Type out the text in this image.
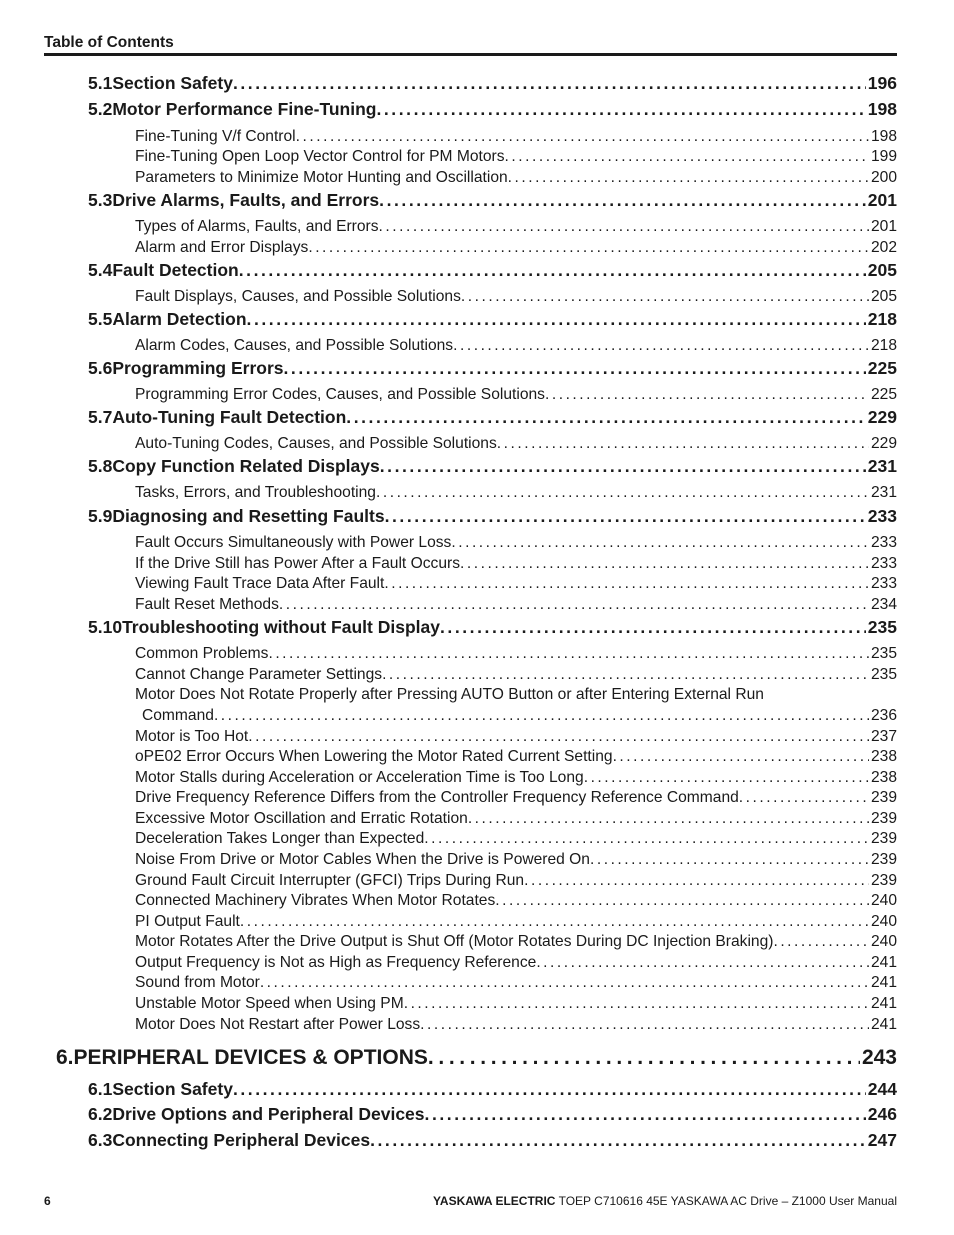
Table of Contents
5.1 Section Safety . . .	196
5.2 Motor Performance Fine-Tuning . . .	198
Fine-Tuning V/f Control . . .	198
Fine-Tuning Open Loop Vector Control for PM Motors . . .	199
Parameters to Minimize Motor Hunting and Oscillation . . .	200
5.3 Drive Alarms, Faults, and Errors . . .	201
Types of Alarms, Faults, and Errors . . .	201
Alarm and Error Displays . . .	202
5.4 Fault Detection . . .	205
Fault Displays, Causes, and Possible Solutions . . .	205
5.5 Alarm Detection . . .	218
Alarm Codes, Causes, and Possible Solutions . . .	218
5.6 Programming Errors . . .	225
Programming Error Codes, Causes, and Possible Solutions . . .	225
5.7 Auto-Tuning Fault Detection . . .	229
Auto-Tuning Codes, Causes, and Possible Solutions . . .	229
5.8 Copy Function Related Displays . . .	231
Tasks, Errors, and Troubleshooting . . .	231
5.9 Diagnosing and Resetting Faults . . .	233
Fault Occurs Simultaneously with Power Loss . . .	233
If the Drive Still has Power After a Fault Occurs . . .	233
Viewing Fault Trace Data After Fault . . .	233
Fault Reset Methods . . .	234
5.10 Troubleshooting without Fault Display . . .	235
Common Problems . . .	235
Cannot Change Parameter Settings . . .	235
Motor Does Not Rotate Properly after Pressing AUTO Button or after Entering External Run
Command . . .	236
Motor is Too Hot . . .	237
oPE02 Error Occurs When Lowering the Motor Rated Current Setting . . .	238
Motor Stalls during Acceleration or Acceleration Time is Too Long . . .	238
Drive Frequency Reference Differs from the Controller Frequency Reference Command . . .	239
Excessive Motor Oscillation and Erratic Rotation . . .	239
Deceleration Takes Longer than Expected . . .	239
Noise From Drive or Motor Cables When the Drive is Powered On . . .	239
Ground Fault Circuit Interrupter (GFCI) Trips During Run . . .	239
Connected Machinery Vibrates When Motor Rotates . . .	240
PI Output Fault . . .	240
Motor Rotates After the Drive Output is Shut Off (Motor Rotates During DC Injection Braking) . . .	240
Output Frequency is Not as High as Frequency Reference . . .	241
Sound from Motor . . .	241
Unstable Motor Speed when Using PM . . .	241
Motor Does Not Restart after Power Loss . . .	241
6. PERIPHERAL DEVICES & OPTIONS . . .	243
6.1 Section Safety . . .	244
6.2 Drive Options and Peripheral Devices . . .	246
6.3 Connecting Peripheral Devices . . .	247
6	YASKAWA ELECTRIC TOEP C710616 45E YASKAWA AC Drive – Z1000 User Manual
